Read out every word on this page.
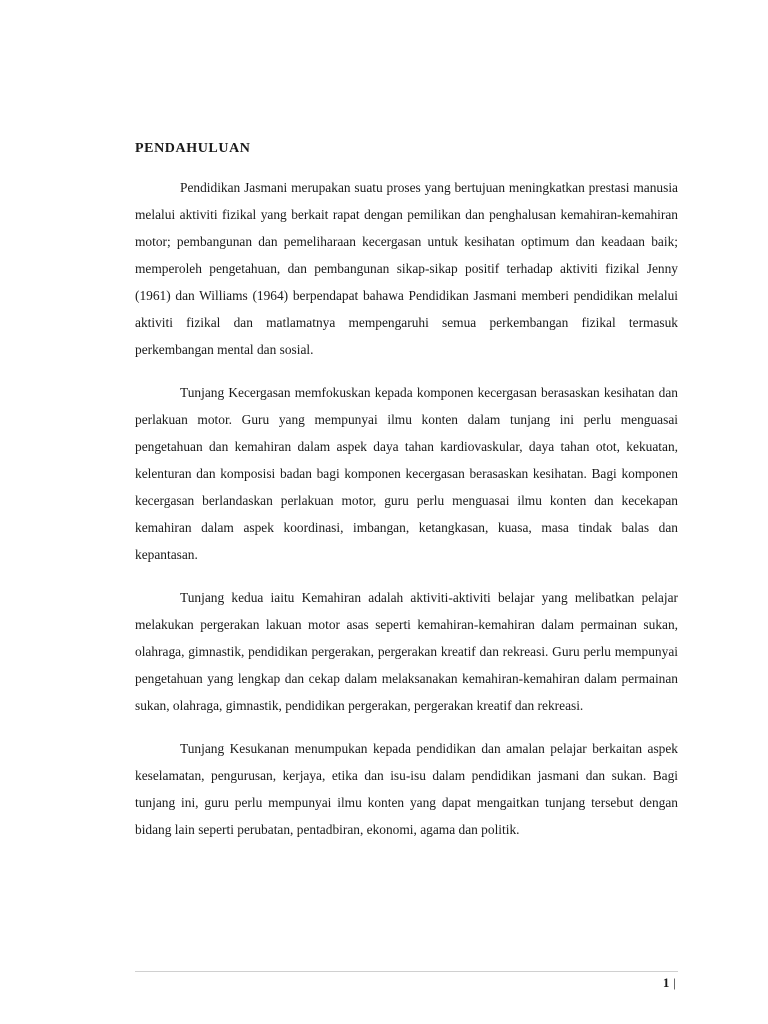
PENDAHULUAN

Pendidikan Jasmani merupakan suatu proses yang bertujuan meningkatkan prestasi manusia melalui aktiviti fizikal yang berkait rapat dengan pemilikan dan penghalusan kemahiran-kemahiran motor; pembangunan dan pemeliharaan kecergasan untuk kesihatan optimum dan keadaan baik; memperoleh pengetahuan, dan pembangunan sikap-sikap positif terhadap aktiviti fizikal Jenny (1961) dan Williams (1964) berpendapat bahawa Pendidikan Jasmani memberi pendidikan melalui aktiviti fizikal dan matlamatnya mempengaruhi semua perkembangan fizikal termasuk perkembangan mental dan sosial.

Tunjang Kecergasan memfokuskan kepada komponen kecergasan berasaskan kesihatan dan perlakuan motor. Guru yang mempunyai ilmu konten dalam tunjang ini perlu menguasai pengetahuan dan kemahiran dalam aspek daya tahan kardiovaskular, daya tahan otot, kekuatan, kelenturan dan komposisi badan bagi komponen kecergasan berasaskan kesihatan. Bagi komponen kecergasan berlandaskan perlakuan motor, guru perlu menguasai ilmu konten dan kecekapan kemahiran dalam aspek koordinasi, imbangan, ketangkasan, kuasa, masa tindak balas dan kepantasan.

Tunjang kedua iaitu Kemahiran adalah aktiviti-aktiviti belajar yang melibatkan pelajar melakukan pergerakan lakuan motor asas seperti kemahiran-kemahiran dalam permainan sukan, olahraga, gimnastik, pendidikan pergerakan, pergerakan kreatif dan rekreasi. Guru perlu mempunyai pengetahuan yang lengkap dan cekap dalam melaksanakan kemahiran-kemahiran dalam permainan sukan, olahraga, gimnastik, pendidikan pergerakan, pergerakan kreatif dan rekreasi.

Tunjang Kesukanan menumpukan kepada pendidikan dan amalan pelajar berkaitan aspek keselamatan, pengurusan, kerjaya, etika dan isu-isu dalam pendidikan jasmani dan sukan. Bagi tunjang ini, guru perlu mempunyai ilmu konten yang dapat mengaitkan tunjang tersebut dengan bidang lain seperti perubatan, pentadbiran, ekonomi, agama dan politik.

1 |
